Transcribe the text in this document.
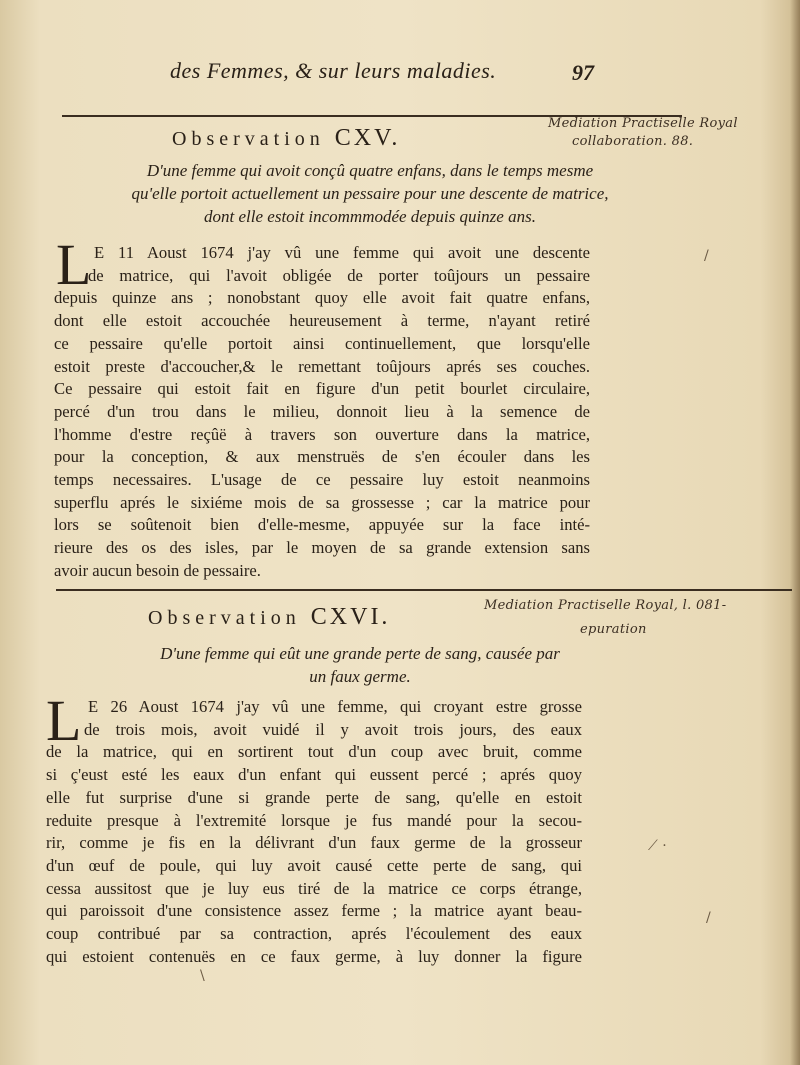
des Femmes, & sur leurs maladies.	97
Observation CXV.
Mediation Practiselle Royal
collaboration. 88.
D'une femme qui avoit conçû quatre enfans, dans le temps mesme
qu'elle portoit actuellement un pessaire pour une descente de matrice,
dont elle estoit incommmodée depuis quinze ans.
L E 11 Aoust 1674 j'ay vû une femme qui avoit une descente
de matrice, qui l'avoit obligée de porter toûjours un pessaire
depuis quinze ans ; nonobstant quoy elle avoit fait quatre enfans,
dont elle estoit accouchée heureusement à terme, n'ayant retiré
ce pessaire qu'elle portoit ainsi continuellement, que lorsqu'elle
estoit preste d'accoucher,& le remettant toûjours aprés ses couches.
Ce pessaire qui estoit fait en figure d'un petit bourlet circulaire,
percé d'un trou dans le milieu, donnoit lieu à la semence de
l'homme d'estre reçûë à travers son ouverture dans la matrice,
pour la conception, & aux menstruës de s'en écouler dans les
temps necessaires. L'usage de ce pessaire luy estoit neanmoins
superflu aprés le sixiéme mois de sa grossesse ; car la matrice pour
lors se soûtenoit bien d'elle-mesme, appuyée sur la face inté-
rieure des os des isles, par le moyen de sa grande extension sans
avoir aucun besoin de pessaire.
Observation CXVI.	Mediation Practiselle Royal, l. 081-
epuration
D'une femme qui eût une grande perte de sang, causée par
un faux germe.
L E 26 Aoust 1674 j'ay vû une femme, qui croyant estre grosse
de trois mois, avoit vuidé il y avoit trois jours, des eaux
de la matrice, qui en sortirent tout d'un coup avec bruit, comme
si ç'eust esté les eaux d'un enfant qui eussent percé ; aprés quoy
elle fut surprise d'une si grande perte de sang, qu'elle en estoit
reduite presque à l'extremité lorsque je fus mandé pour la secou-
rir, comme je fis en la délivrant d'un faux germe de la grosseur
d'un œuf de poule, qui luy avoit causé cette perte de sang, qui
cessa aussitost que je luy eus tiré de la matrice ce corps étrange,
qui paroissoit d'une consistence assez ferme ; la matrice ayant beau-
coup contribué par sa contraction, aprés l'écoulement des eaux
qui estoient contenuës en ce faux germe, à luy donner la figure
/
⟋ ·
/
\
